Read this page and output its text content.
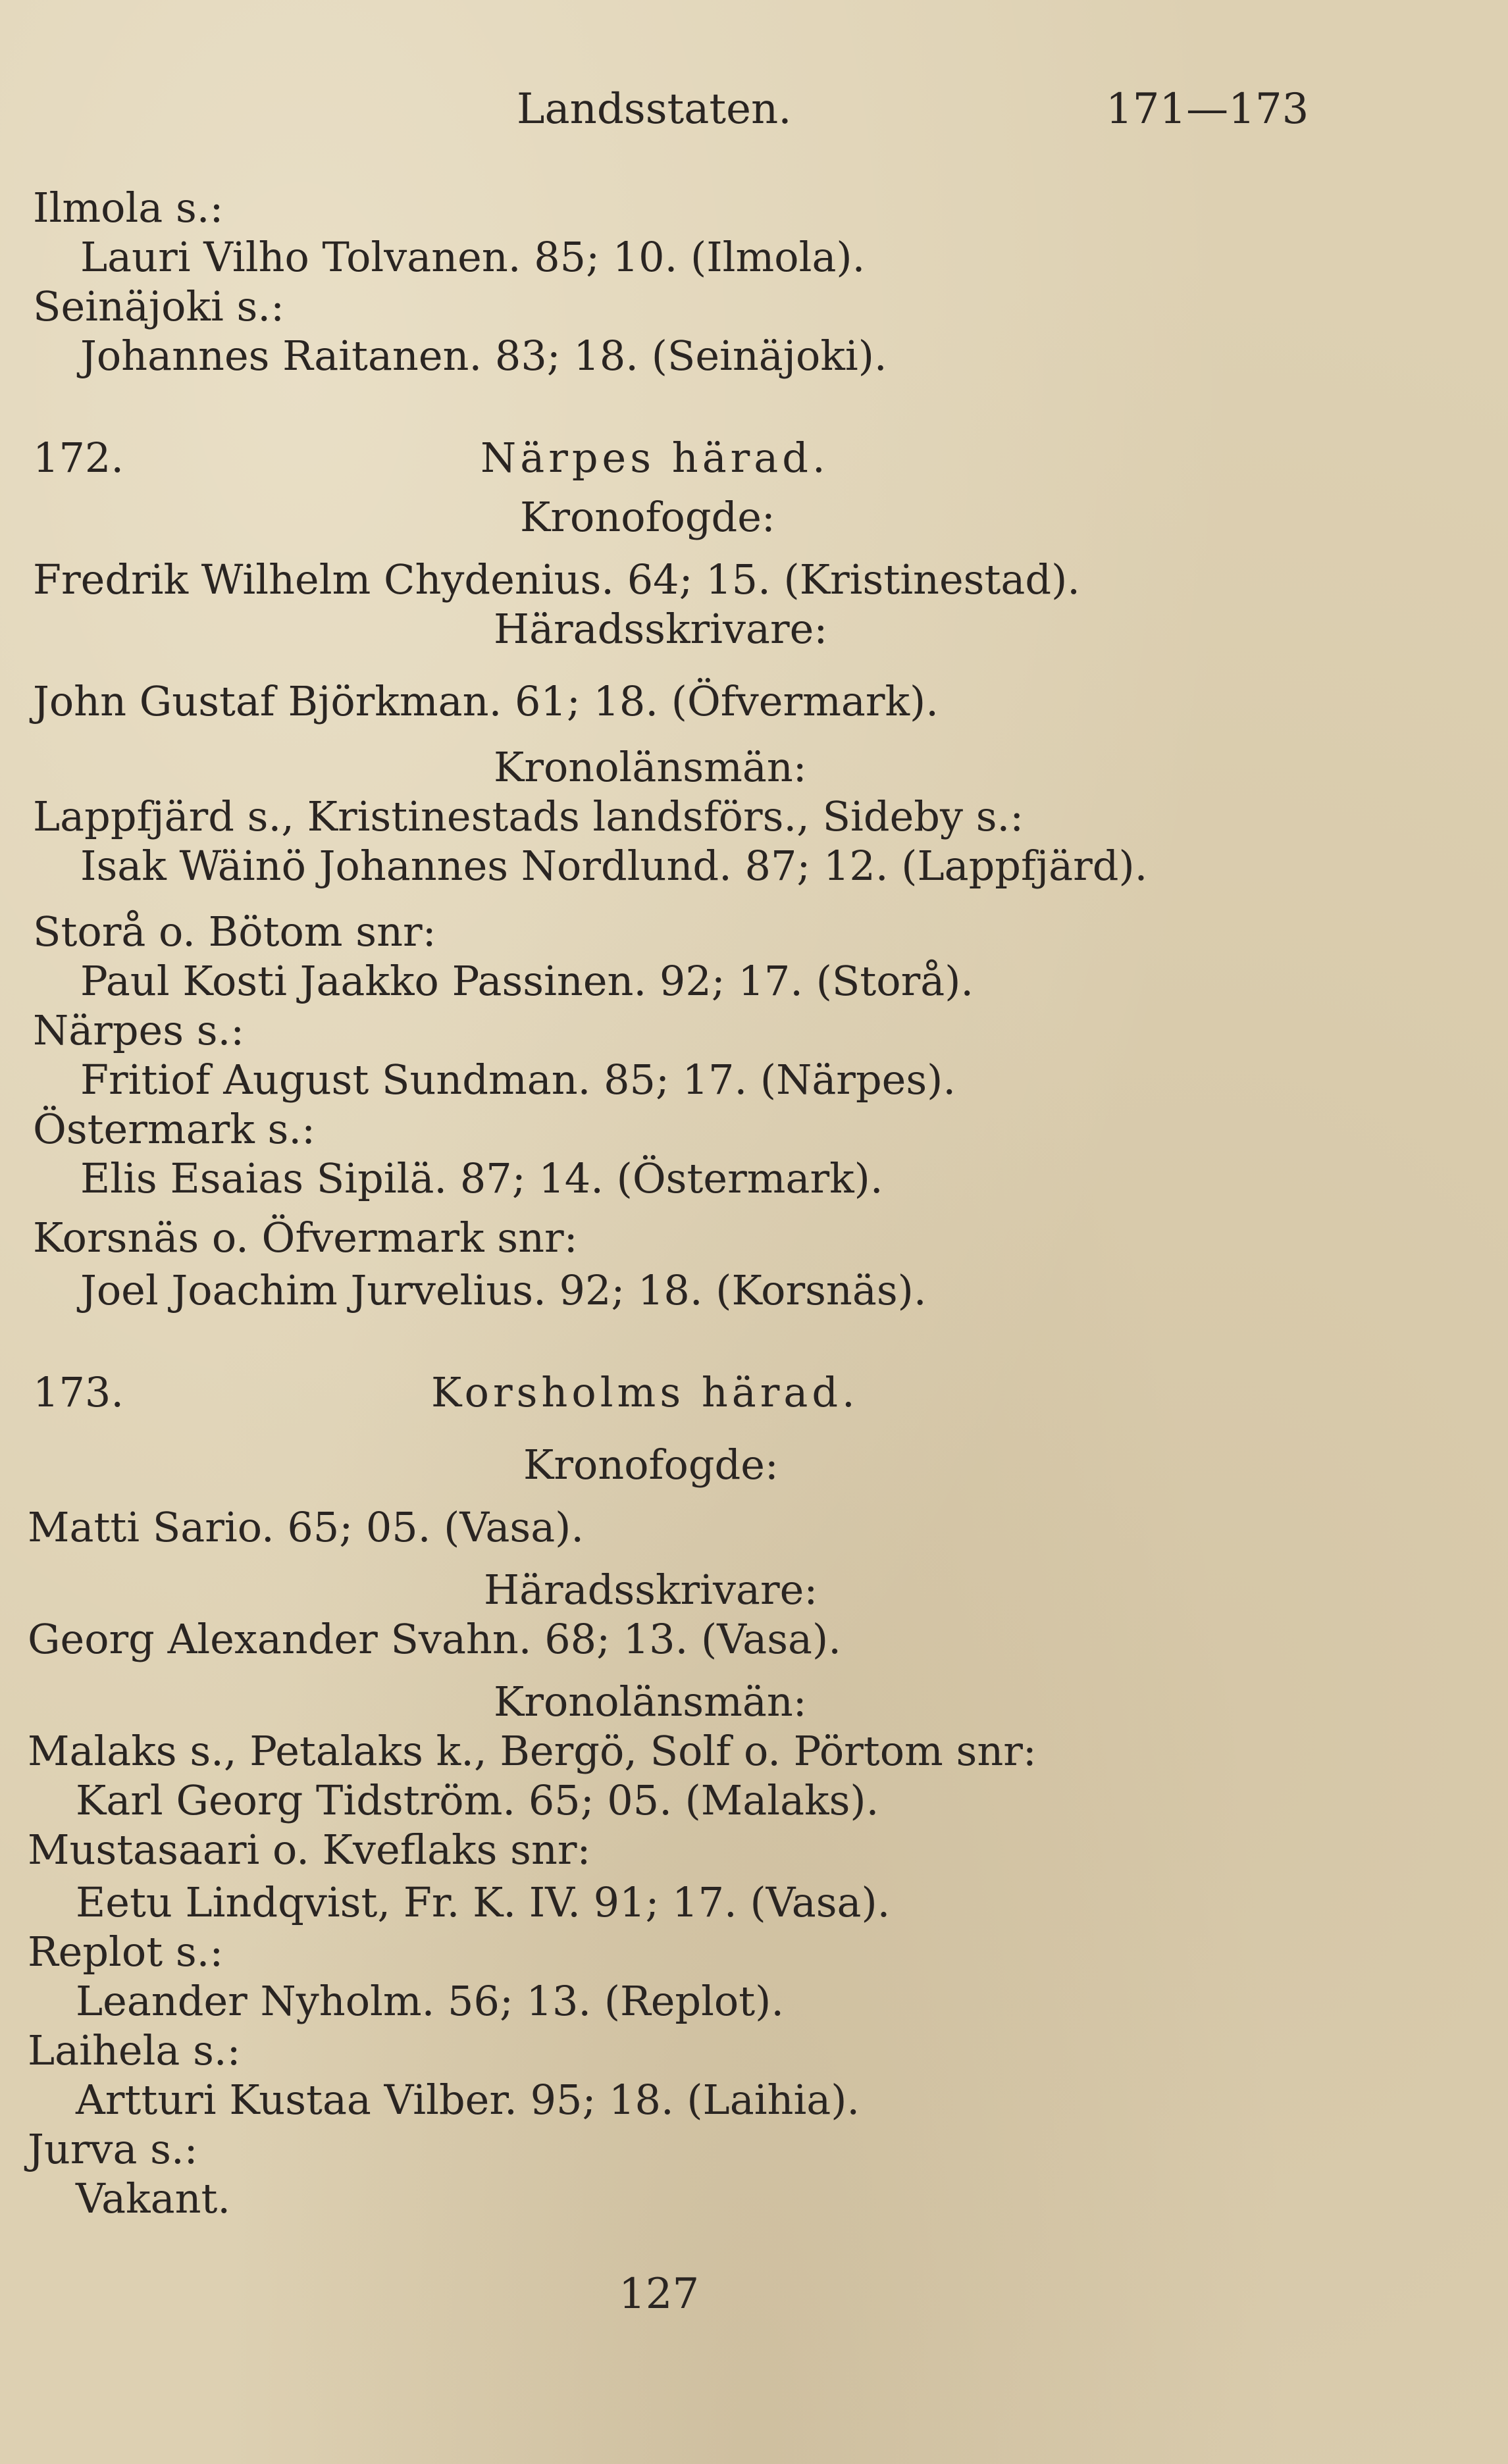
Landsstaten.	171—173
Ilmola s.:
Lauri Vilho Tolvanen. 85; 10. (Ilmola).
Seinäjoki s.:
Johannes Raitanen. 83; 18. (Seinäjoki).
172.	Närpes härad.
Kronofogde:
Fredrik Wilhelm Chydenius. 64; 15. (Kristinestad).
Häradsskrivare:
John Gustaf Björkman. 61; 18. (Öfvermark).
Kronolänsmän:
Lappfjärd s., Kristinestads landsförs., Sideby s.:
Isak Wäinö Johannes Nordlund. 87; 12. (Lappfjärd).
Storå o. Bötom snr:
Paul Kosti Jaakko Passinen. 92; 17. (Storå).
Närpes s.:
Fritiof August Sundman. 85; 17. (Närpes).
Östermark s.:
Elis Esaias Sipilä. 87; 14. (Östermark).
Korsnäs o. Öfvermark snr:
Joel Joachim Jurvelius. 92; 18. (Korsnäs).
173.	Korsholms härad.
Kronofogde:
Matti Sario. 65; 05. (Vasa).
Häradsskrivare:
Georg Alexander Svahn. 68; 13. (Vasa).
Kronolänsmän:
Malaks s., Petalaks k., Bergö, Solf o. Pörtom snr:
Karl Georg Tidström. 65; 05. (Malaks).
Mustasaari o. Kveflaks snr:
Eetu Lindqvist, Fr. K. IV. 91; 17. (Vasa).
Replot s.:
Leander Nyholm. 56; 13. (Replot).
Laihela s.:
Artturi Kustaa Vilber. 95; 18. (Laihia).
Jurva s.:
Vakant.
127
